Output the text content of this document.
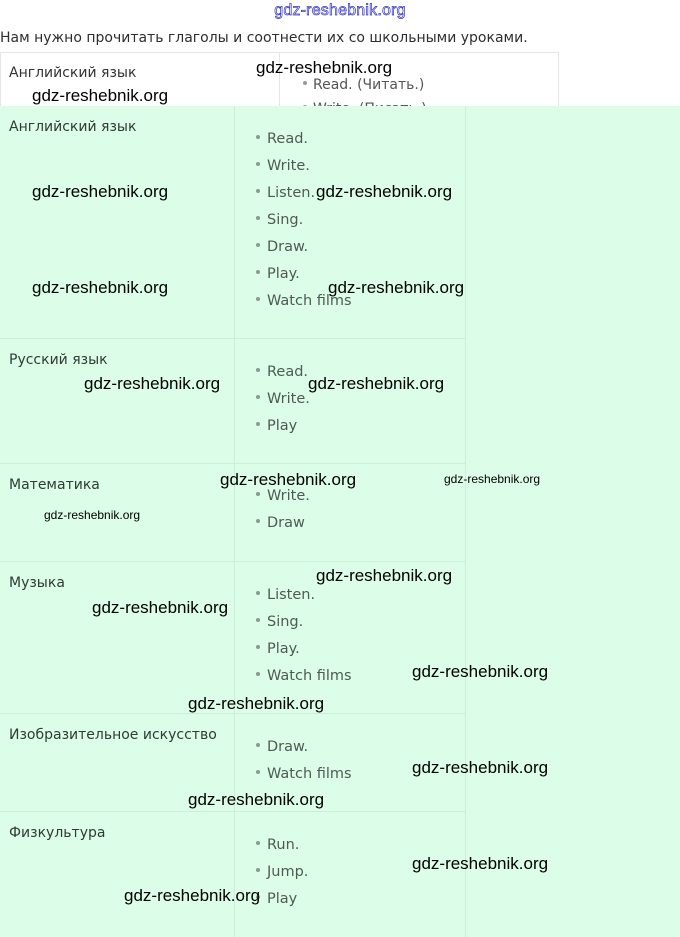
gdz-reshebnik.org
Нам нужно прочитать глаголы и соотнести их со школьными уроками.
Английский язык
Read. (Читать.)
Английский язык
Read.
Write.
Listen.
Sing.
Draw.
Play.
Watch films
Русский язык
Read.
Write.
Play
Математика
Write.
Draw
Музыка
Listen.
Sing.
Play.
Watch films
Изобразительное искусство
Draw.
Watch films
Физкультура
Run.
Jump.
Play
gdz-reshebnik.org
gdz-reshebnik.org
gdz-reshebnik.org	gdz-reshebnik.org
gdz-reshebnik.org	gdz-reshebnik.org
gdz-reshebnik.org	gdz-reshebnik.org
gdz-reshebnik.org	gdz-reshebnik.org
gdz-reshebnik.org
gdz-reshebnik.org
gdz-reshebnik.org
gdz-reshebnik.org
gdz-reshebnik.org
gdz-reshebnik.org
gdz-reshebnik.org
gdz-reshebnik.org
gdz-reshebnik.org
